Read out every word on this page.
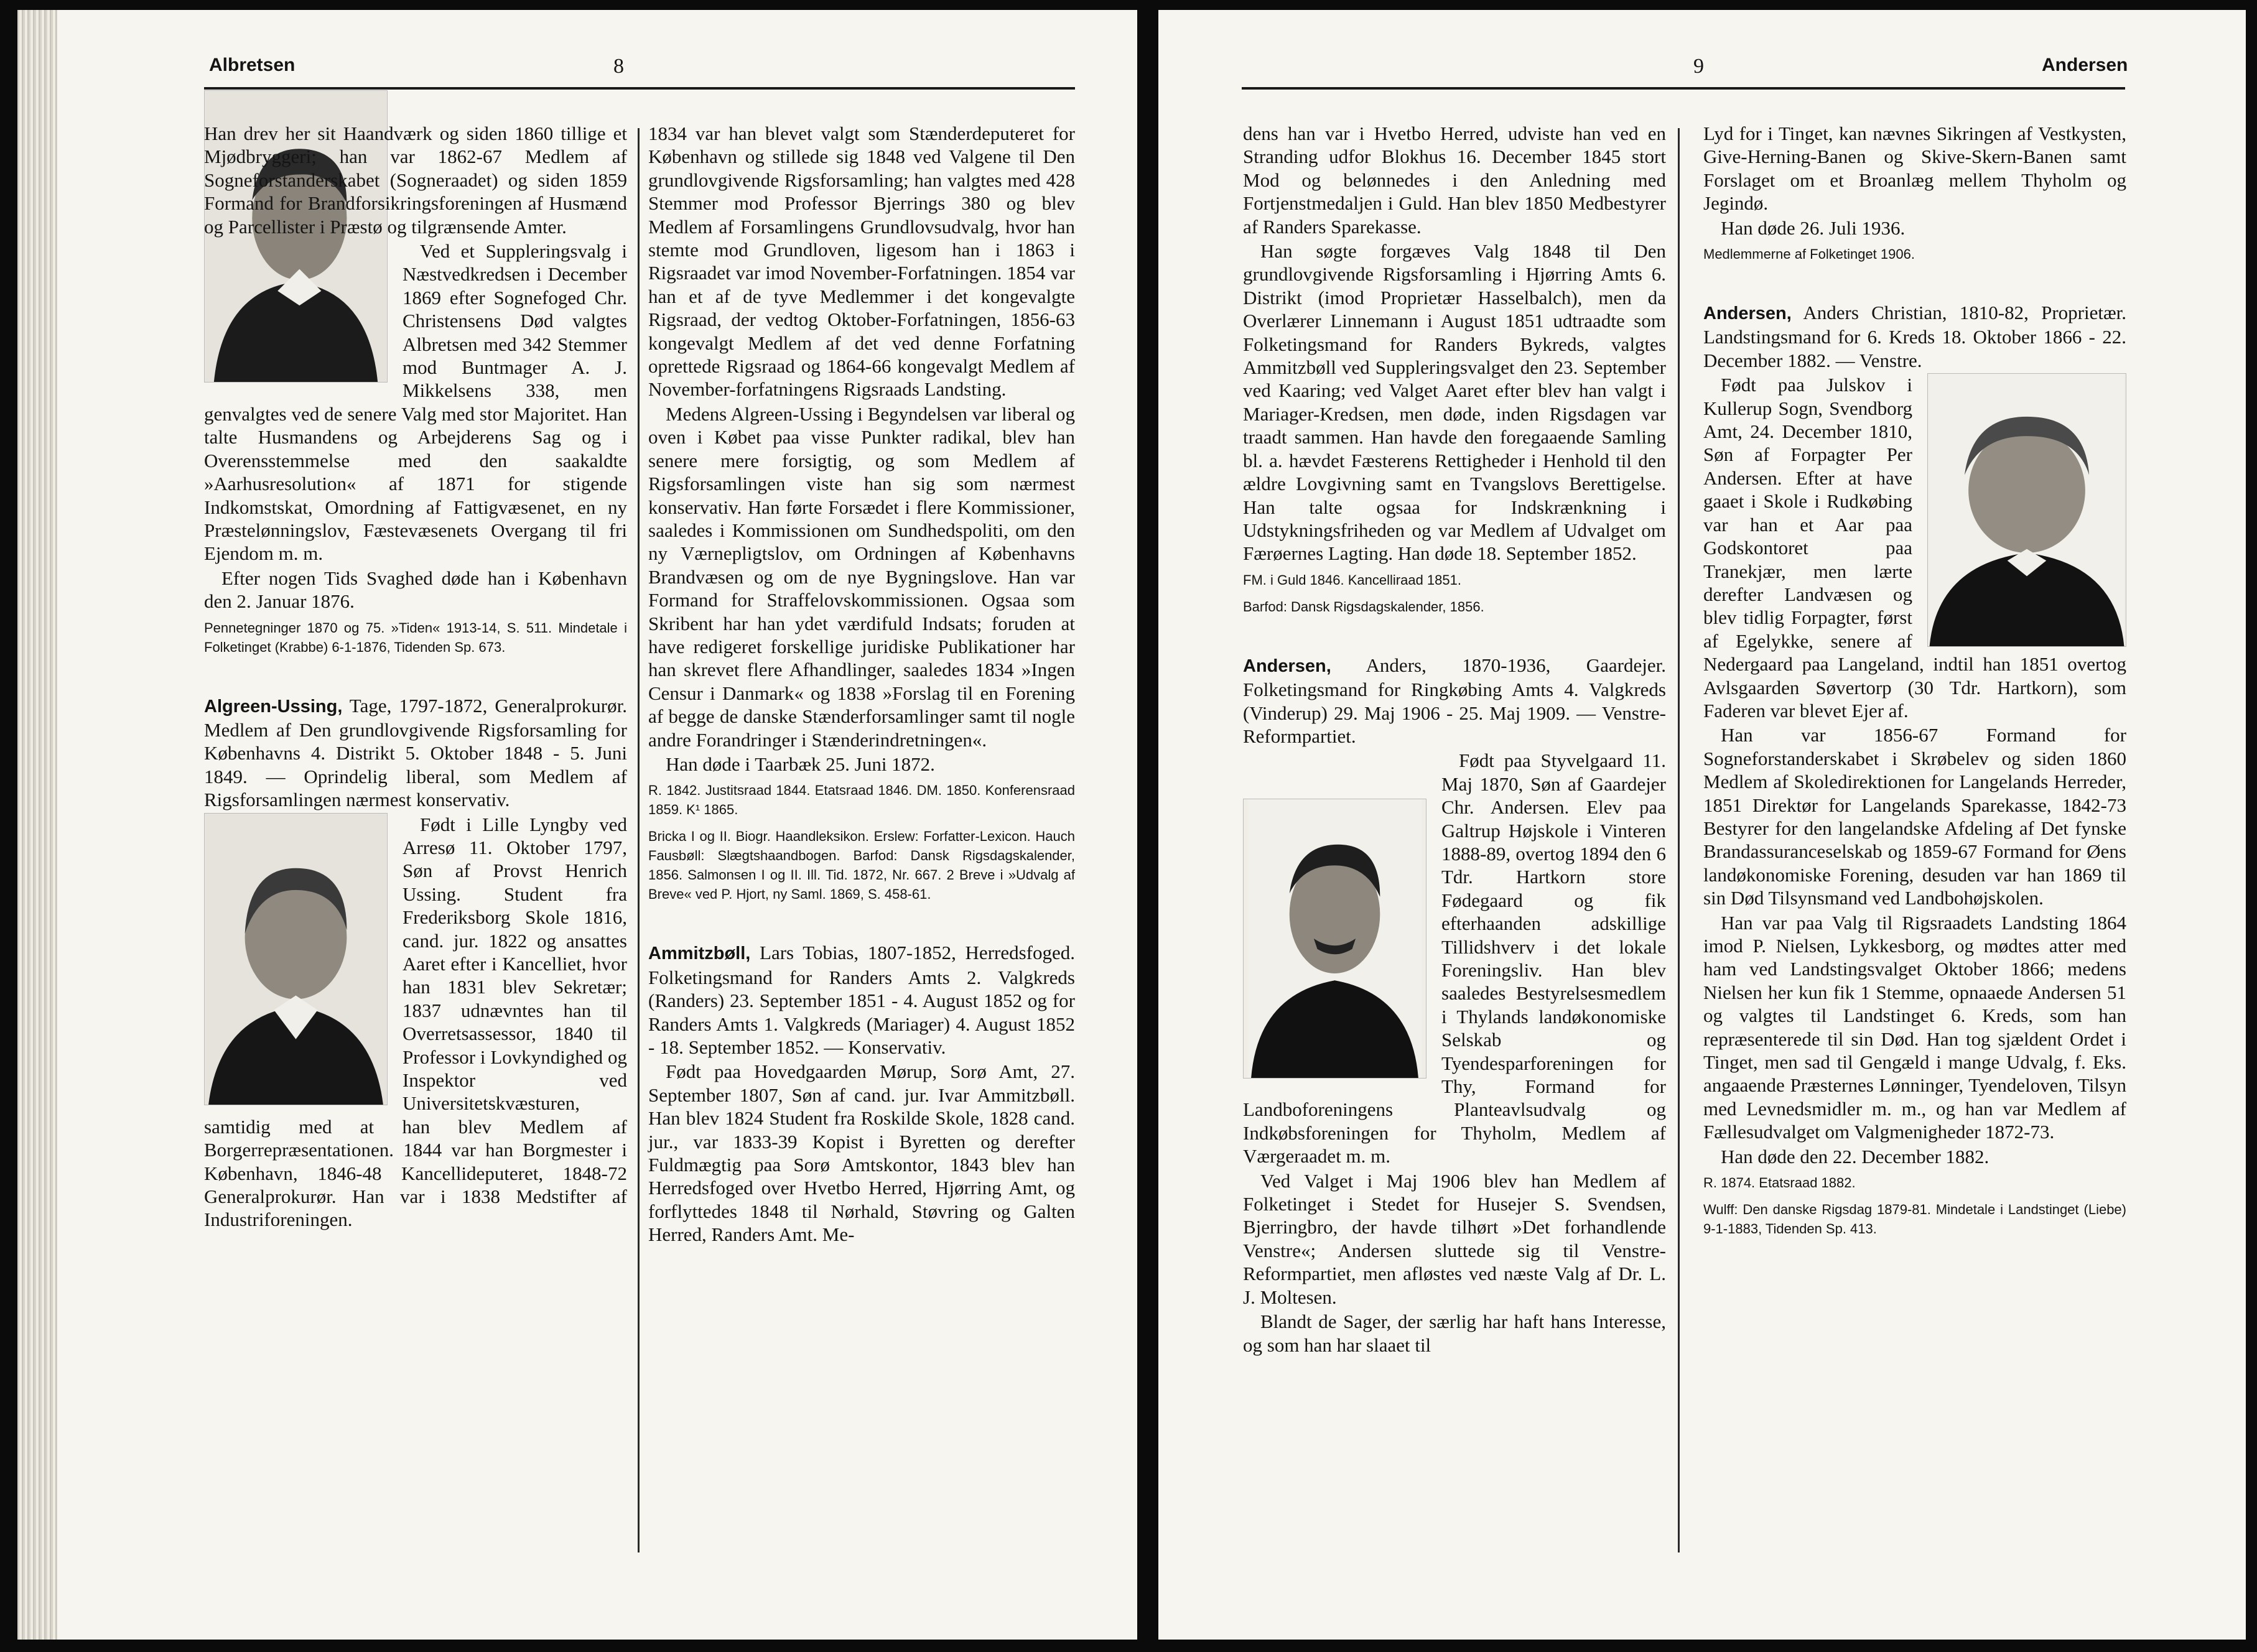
Albretsen	8

Han drev her sit Haandværk og siden 1860 tillige et Mjødbryggeri; han var 1862-67 Medlem af Sogneforstanderskabet (Sogneraadet) og siden 1859 Formand for Brandforsikringsforeningen af Husmænd og Parcellister i Præstø og tilgrænsende Amter.

Ved et Suppleringsvalg i Næstvedkredsen i December 1869 efter Sognefoged Chr. Christensens Død valgtes Albretsen med 342 Stemmer mod Buntmager A. J. Mikkelsens 338, men genvalgtes ved de senere Valg med stor Majoritet. Han talte Husmandens og Arbejderens Sag og i Overensstemmelse med den saakaldte »Aarhusresolution« af 1871 for stigende Indkomstskat, Omordning af Fattigvæsenet, en ny Præstelønningslov, Fæstevæsenets Overgang til fri Ejendom m. m.

Efter nogen Tids Svaghed døde han i København den 2. Januar 1876.

Pennetegninger 1870 og 75. »Tiden« 1913-14, S. 511. Mindetale i Folketinget (Krabbe) 6-1-1876, Tidenden Sp. 673.

Algreen-Ussing, Tage, 1797-1872, Generalprokurør. Medlem af Den grundlovgivende Rigsforsamling for Københavns 4. Distrikt 5. Oktober 1848 - 5. Juni 1849. — Oprindelig liberal, som Medlem af Rigsforsamlingen nærmest konservativ.

Født i Lille Lyngby ved Arresø 11. Oktober 1797, Søn af Provst Henrich Ussing. Student fra Frederiksborg Skole 1816, cand. jur. 1822 og ansattes Aaret efter i Kancelliet, hvor han 1831 blev Sekretær; 1837 udnævntes han til Overretsassessor, 1840 til Professor i Lovkyndighed og Inspektor ved Universitetskvæsturen, samtidig med at han blev Medlem af Borgerrepræsentationen. 1844 var han Borgmester i København, 1846-48 Kancellideputeret, 1848-72 Generalprokurør. Han var i 1838 Medstifter af Industriforeningen.

1834 var han blevet valgt som Stænderdeputeret for København og stillede sig 1848 ved Valgene til Den grundlovgivende Rigsforsamling; han valgtes med 428 Stemmer mod Professor Bjerrings 380 og blev Medlem af Forsamlingens Grundlovsudvalg, hvor han stemte mod Grundloven, ligesom han i 1863 i Rigsraadet var imod November-Forfatningen. 1854 var han et af de tyve Medlemmer i det kongevalgte Rigsraad, der vedtog Oktober-Forfatningen, 1856-63 kongevalgt Medlem af det ved denne Forfatning oprettede Rigsraad og 1864-66 kongevalgt Medlem af November-forfatningens Rigsraads Landsting.

Medens Algreen-Ussing i Begyndelsen var liberal og oven i Købet paa visse Punkter radikal, blev han senere mere forsigtig, og som Medlem af Rigsforsamlingen viste han sig som nærmest konservativ. Han førte Forsædet i flere Kommissioner, saaledes i Kommissionen om Sundhedspoliti, om den ny Værnepligtslov, om Ordningen af Københavns Brandvæsen og om de nye Bygningslove. Han var Formand for Straffelovskommissionen. Ogsaa som Skribent har han ydet værdifuld Indsats; foruden at have redigeret forskellige juridiske Publikationer har han skrevet flere Afhandlinger, saaledes 1834 »Ingen Censur i Danmark« og 1838 »Forslag til en Forening af begge de danske Stænderforsamlinger samt til nogle andre Forandringer i Stænderindretningen«.

Han døde i Taarbæk 25. Juni 1872.

R. 1842. Justitsraad 1844. Etatsraad 1846. DM. 1850. Konferensraad 1859. K¹ 1865.

Bricka I og II. Biogr. Haandleksikon. Erslew: Forfatter-Lexicon. Hauch Fausbøll: Slægtshaandbogen. Barfod: Dansk Rigsdagskalender, 1856. Salmonsen I og II. Ill. Tid. 1872, Nr. 667. 2 Breve i »Udvalg af Breve« ved P. Hjort, ny Saml. 1869, S. 458-61.

Ammitzbøll, Lars Tobias, 1807-1852, Herredsfoged. Folketingsmand for Randers Amts 2. Valgkreds (Randers) 23. September 1851 - 4. August 1852 og for Randers Amts 1. Valgkreds (Mariager) 4. August 1852 - 18. September 1852. — Konservativ.

Født paa Hovedgaarden Mørup, Sorø Amt, 27. September 1807, Søn af cand. jur. Ivar Ammitzbøll. Han blev 1824 Student fra Roskilde Skole, 1828 cand. jur., var 1833-39 Kopist i Byretten og derefter Fuldmægtig paa Sorø Amtskontor, 1843 blev han Herredsfoged over Hvetbo Herred, Hjørring Amt, og forflyttedes 1848 til Nørhald, Støvring og Galten Herred, Randers Amt. Me-

9	Andersen

dens han var i Hvetbo Herred, udviste han ved en Stranding udfor Blokhus 16. December 1845 stort Mod og belønnedes i den Anledning med Fortjenstmedaljen i Guld. Han blev 1850 Medbestyrer af Randers Sparekasse.

Han søgte forgæves Valg 1848 til Den grundlovgivende Rigsforsamling i Hjørring Amts 6. Distrikt (imod Proprietær Hasselbalch), men da Overlærer Linnemann i August 1851 udtraadte som Folketingsmand for Randers Bykreds, valgtes Ammitzbøll ved Suppleringsvalget den 23. September ved Kaaring; ved Valget Aaret efter blev han valgt i Mariager-Kredsen, men døde, inden Rigsdagen var traadt sammen. Han havde den foregaaende Samling bl. a. hævdet Fæsterens Rettigheder i Henhold til den ældre Lovgivning samt en Tvangslovs Berettigelse. Han talte ogsaa for Indskrænkning i Udstykningsfriheden og var Medlem af Udvalget om Færøernes Lagting. Han døde 18. September 1852.

FM. i Guld 1846. Kancelliraad 1851.

Barfod: Dansk Rigsdagskalender, 1856.

Andersen, Anders, 1870-1936, Gaardejer. Folketingsmand for Ringkøbing Amts 4. Valgkreds (Vinderup) 29. Maj 1906 - 25. Maj 1909. — Venstre-Reformpartiet.

Født paa Styvelgaard 11. Maj 1870, Søn af Gaardejer Chr. Andersen. Elev paa Galtrup Højskole i Vinteren 1888-89, overtog 1894 den 6 Tdr. Hartkorn store Fødegaard og fik efterhaanden adskillige Tillidshverv i det lokale Foreningsliv. Han blev saaledes Bestyrelsesmedlem i Thylands landøkonomiske Selskab og Tyendesparforeningen for Thy, Formand for Landboforeningens Planteavlsudvalg og Indkøbsforeningen for Thyholm, Medlem af Værgeraadet m. m.

Ved Valget i Maj 1906 blev han Medlem af Folketinget i Stedet for Husejer S. Svendsen, Bjerringbro, der havde tilhørt »Det forhandlende Venstre«; Andersen sluttede sig til Venstre-Reformpartiet, men afløstes ved næste Valg af Dr. L. J. Moltesen.

Blandt de Sager, der særlig har haft hans Interesse, og som han har slaaet til

Lyd for i Tinget, kan nævnes Sikringen af Vestkysten, Give-Herning-Banen og Skive-Skern-Banen samt Forslaget om et Broanlæg mellem Thyholm og Jegindø.

Han døde 26. Juli 1936.

Medlemmerne af Folketinget 1906.

Andersen, Anders Christian, 1810-82, Proprietær. Landstingsmand for 6. Kreds 18. Oktober 1866 - 22. December 1882. — Venstre.

Født paa Julskov i Kullerup Sogn, Svendborg Amt, 24. December 1810, Søn af Forpagter Per Andersen. Efter at have gaaet i Skole i Rudkøbing var han et Aar paa Godskontoret paa Tranekjær, men lærte derefter Landvæsen og blev tidlig Forpagter, først af Egelykke, senere af Nedergaard paa Langeland, indtil han 1851 overtog Avlsgaarden Søvertorp (30 Tdr. Hartkorn), som Faderen var blevet Ejer af.

Han var 1856-67 Formand for Sogneforstanderskabet i Skrøbelev og siden 1860 Medlem af Skoledirektionen for Langelands Herreder, 1851 Direktør for Langelands Sparekasse, 1842-73 Bestyrer for den langelandske Afdeling af Det fynske Brandassuranceselskab og 1859-67 Formand for Øens landøkonomiske Forening, desuden var han 1869 til sin Død Tilsynsmand ved Landbohøjskolen.

Han var paa Valg til Rigsraadets Landsting 1864 imod P. Nielsen, Lykkesborg, og mødtes atter med ham ved Landstingsvalget Oktober 1866; medens Nielsen her kun fik 1 Stemme, opnaaede Andersen 51 og valgtes til Landstinget 6. Kreds, som han repræsenterede til sin Død. Han tog sjældent Ordet i Tinget, men sad til Gengæld i mange Udvalg, f. Eks. angaaende Præsternes Lønninger, Tyendeloven, Tilsyn med Levnedsmidler m. m., og han var Medlem af Fællesudvalget om Valgmenigheder 1872-73.

Han døde den 22. December 1882.

R. 1874. Etatsraad 1882.

Wulff: Den danske Rigsdag 1879-81. Mindetale i Landstinget (Liebe) 9-1-1883, Tidenden Sp. 413.
